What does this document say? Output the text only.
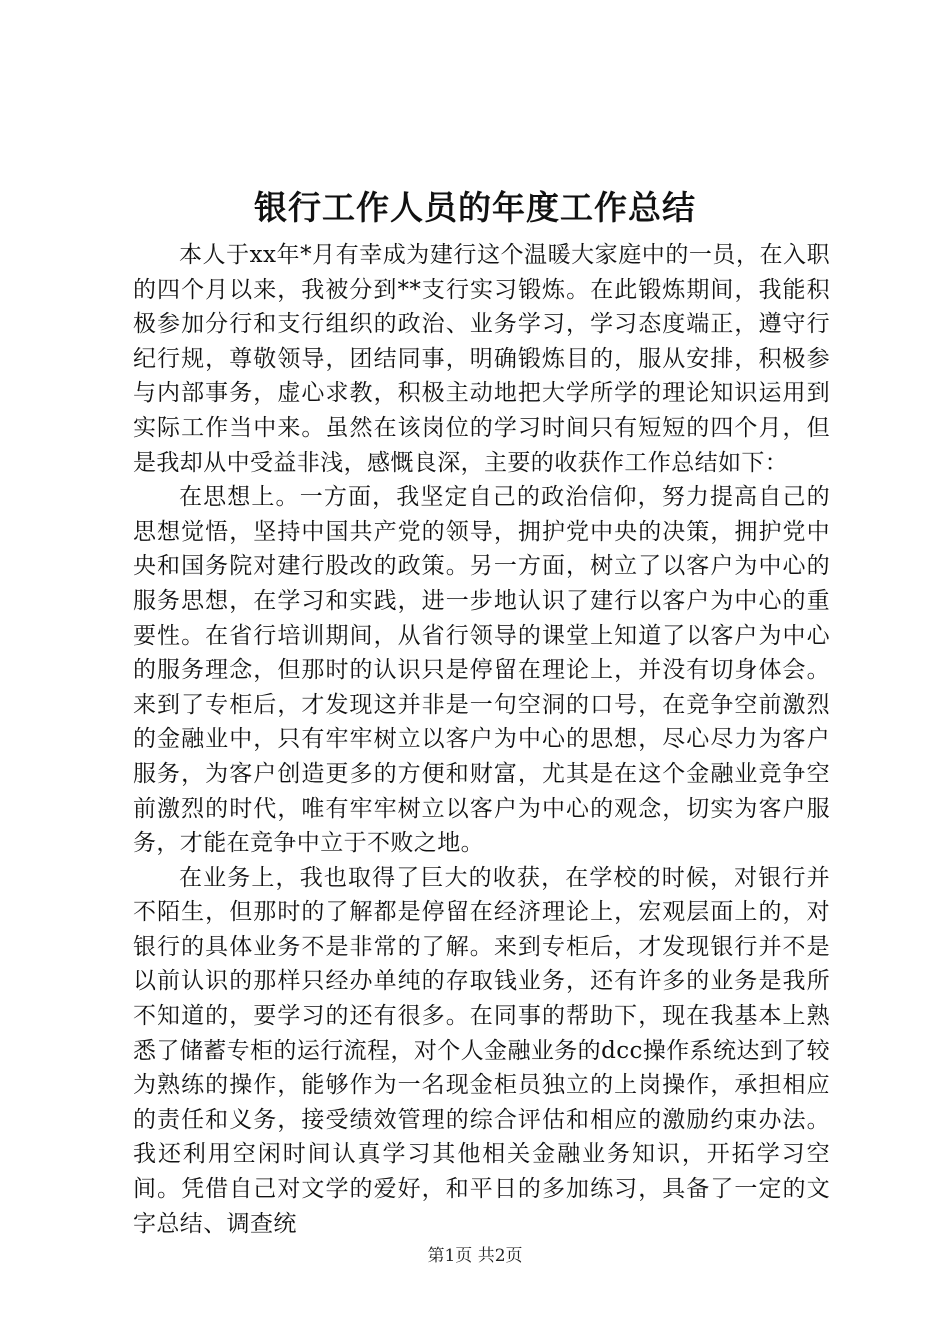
银行工作人员的年度工作总结

本人于xx年*月有幸成为建行这个温暖大家庭中的一员，在入职的四个月以来，我被分到**支行实习锻炼。在此锻炼期间，我能积极参加分行和支行组织的政治、业务学习，学习态度端正，遵守行纪行规，尊敬领导，团结同事，明确锻炼目的，服从安排，积极参与内部事务，虚心求教，积极主动地把大学所学的理论知识运用到实际工作当中来。虽然在该岗位的学习时间只有短短的四个月，但是我却从中受益非浅，感慨良深，主要的收获作工作总结如下：

在思想上。一方面，我坚定自己的政治信仰，努力提高自己的思想觉悟，坚持中国共产党的领导，拥护党中央的决策，拥护党中央和国务院对建行股改的政策。另一方面，树立了以客户为中心的服务思想，在学习和实践，进一步地认识了建行以客户为中心的重要性。在省行培训期间，从省行领导的课堂上知道了以客户为中心的服务理念，但那时的认识只是停留在理论上，并没有切身体会。来到了专柜后，才发现这并非是一句空洞的口号，在竞争空前激烈的金融业中，只有牢牢树立以客户为中心的思想，尽心尽力为客户服务，为客户创造更多的方便和财富，尤其是在这个金融业竞争空前激烈的时代，唯有牢牢树立以客户为中心的观念，切实为客户服务，才能在竞争中立于不败之地。

在业务上，我也取得了巨大的收获，在学校的时候，对银行并不陌生，但那时的了解都是停留在经济理论上，宏观层面上的，对银行的具体业务不是非常的了解。来到专柜后，才发现银行并不是以前认识的那样只经办单纯的存取钱业务，还有许多的业务是我所不知道的，要学习的还有很多。在同事的帮助下，现在我基本上熟悉了储蓄专柜的运行流程，对个人金融业务的dcc操作系统达到了较为熟练的操作，能够作为一名现金柜员独立的上岗操作，承担相应的责任和义务，接受绩效管理的综合评估和相应的激励约束办法。我还利用空闲时间认真学习其他相关金融业务知识，开拓学习空间。凭借自己对文学的爱好，和平日的多加练习，具备了一定的文字总结、调查统

第1页 共2页
